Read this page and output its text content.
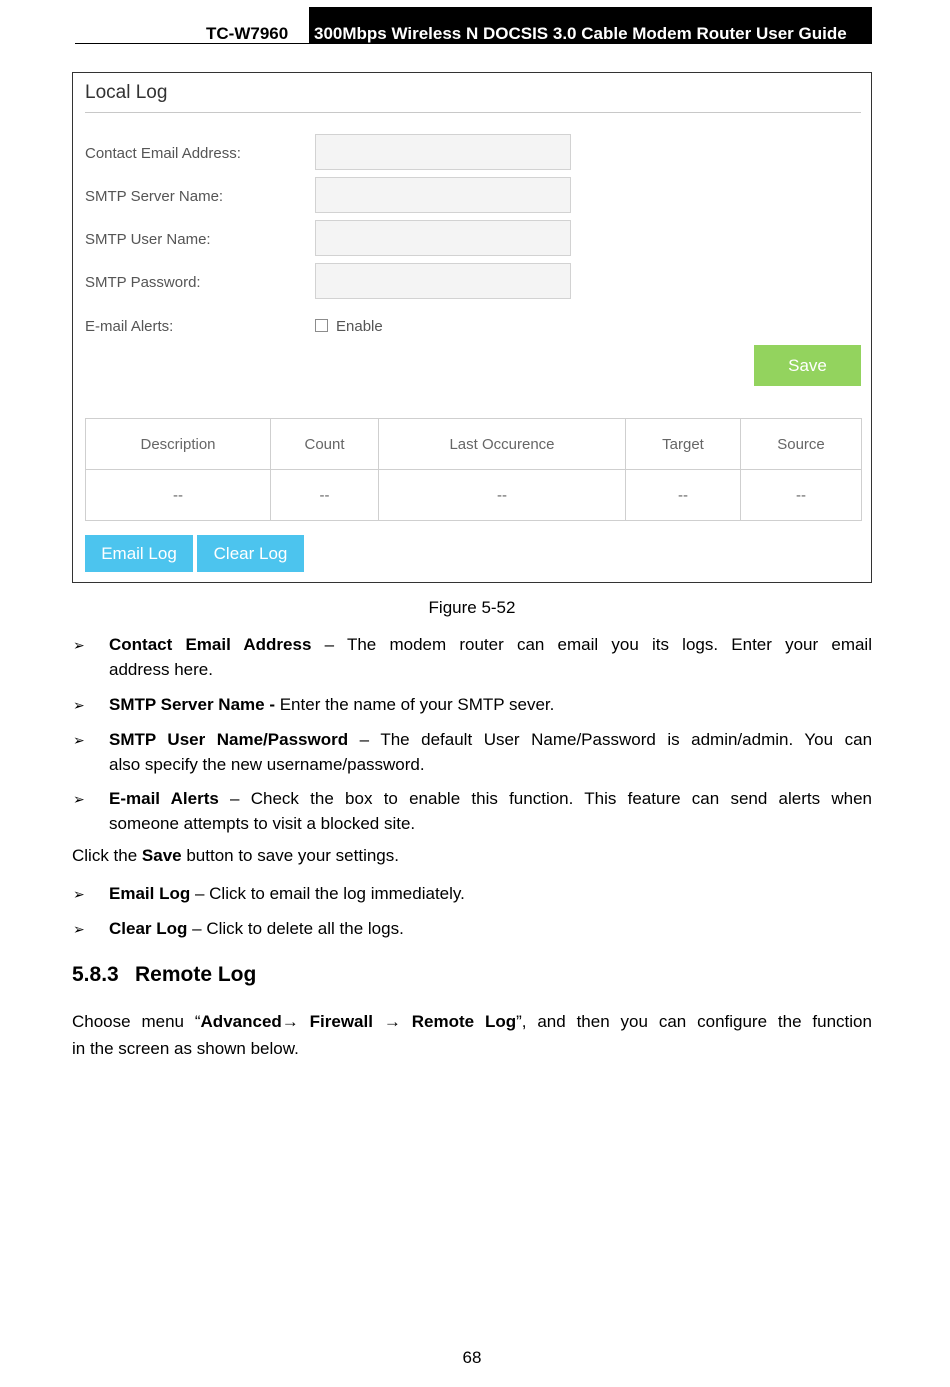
TC-W7960 300Mbps Wireless N DOCSIS 3.0 Cable Modem Router User Guide
Local Log
Contact Email Address:
SMTP Server Name:
SMTP User Name:
SMTP Password:
E-mail Alerts:	Enable
Save
Description	Count	Last Occurence	Target	Source
--	--	--	--	--
Email Log	Clear Log
Figure 5-52
➢ Contact Email Address – The modem router can email you its logs. Enter your email
address here.
➢ SMTP Server Name - Enter the name of your SMTP sever.
➢ SMTP User Name/Password – The default User Name/Password is admin/admin. You can
also specify the new username/password.
➢ E-mail Alerts – Check the box to enable this function. This feature can send alerts when
someone attempts to visit a blocked site.
Click the Save button to save your settings.
➢ Email Log – Click to email the log immediately.
➢ Clear Log – Click to delete all the logs.
5.8.3 Remote Log
Choose menu “Advanced→ Firewall → Remote Log”, and then you can configure the function
in the screen as shown below.
68
